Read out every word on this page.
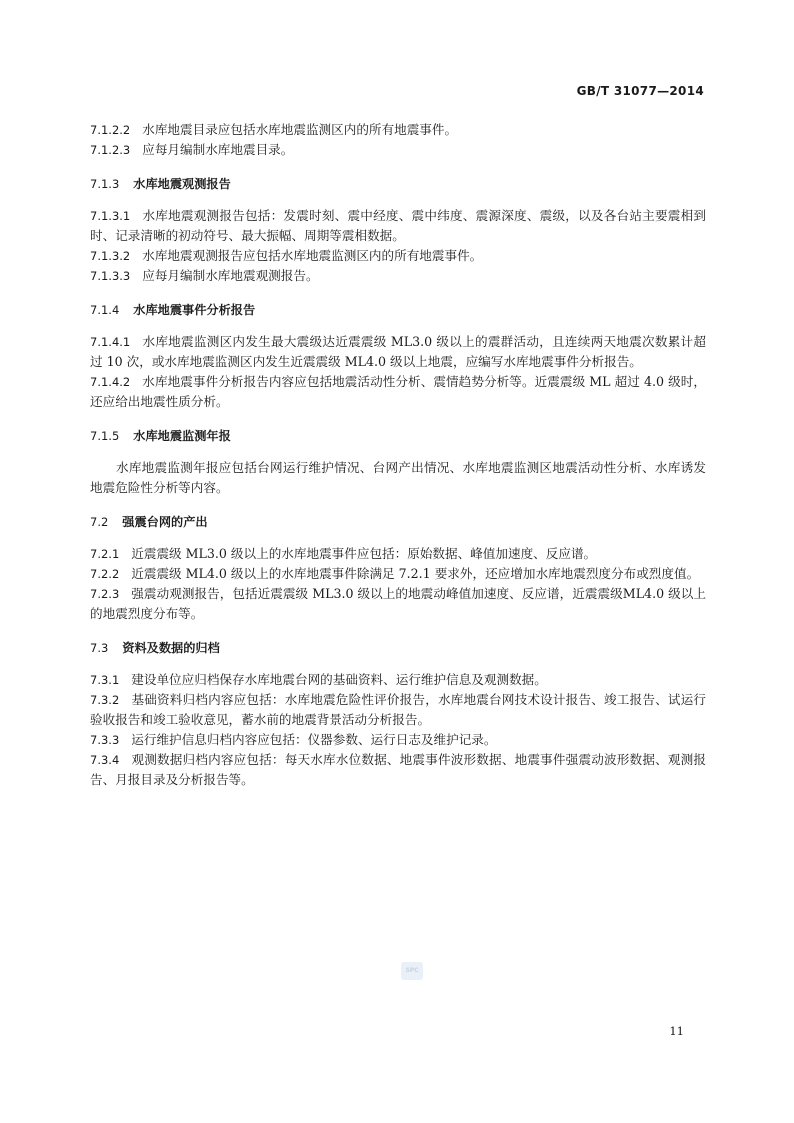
GB/T 31077—2014

7.1.2.2 水库地震目录应包括水库地震监测区内的所有地震事件。

7.1.2.3 应每月编制水库地震目录。

7.1.3 水库地震观测报告

7.1.3.1 水库地震观测报告包括：发震时刻、震中经度、震中纬度、震源深度、震级，以及各台站主要震相到时、记录清晰的初动符号、最大振幅、周期等震相数据。

7.1.3.2 水库地震观测报告应包括水库地震监测区内的所有地震事件。

7.1.3.3 应每月编制水库地震观测报告。

7.1.4 水库地震事件分析报告

7.1.4.1 水库地震监测区内发生最大震级达近震震级 ML3.0 级以上的震群活动，且连续两天地震次数累计超过 10 次，或水库地震监测区内发生近震震级 ML4.0 级以上地震，应编写水库地震事件分析报告。

7.1.4.2 水库地震事件分析报告内容应包括地震活动性分析、震情趋势分析等。近震震级 ML 超过 4.0 级时，还应给出地震性质分析。

7.1.5 水库地震监测年报

水库地震监测年报应包括台网运行维护情况、台网产出情况、水库地震监测区地震活动性分析、水库诱发地震危险性分析等内容。

7.2 强震台网的产出

7.2.1 近震震级 ML3.0 级以上的水库地震事件应包括：原始数据、峰值加速度、反应谱。

7.2.2 近震震级 ML4.0 级以上的水库地震事件除满足 7.2.1 要求外，还应增加水库地震烈度分布或烈度值。

7.2.3 强震动观测报告，包括近震震级 ML3.0 级以上的地震动峰值加速度、反应谱，近震震级ML4.0 级以上的地震烈度分布等。

7.3 资料及数据的归档

7.3.1 建设单位应归档保存水库地震台网的基础资料、运行维护信息及观测数据。

7.3.2 基础资料归档内容应包括：水库地震危险性评价报告，水库地震台网技术设计报告、竣工报告、试运行验收报告和竣工验收意见，蓄水前的地震背景活动分析报告。

7.3.3 运行维护信息归档内容应包括：仪器参数、运行日志及维护记录。

7.3.4 观测数据归档内容应包括：每天水库水位数据、地震事件波形数据、地震事件强震动波形数据、观测报告、月报目录及分析报告等。

SPC
11
